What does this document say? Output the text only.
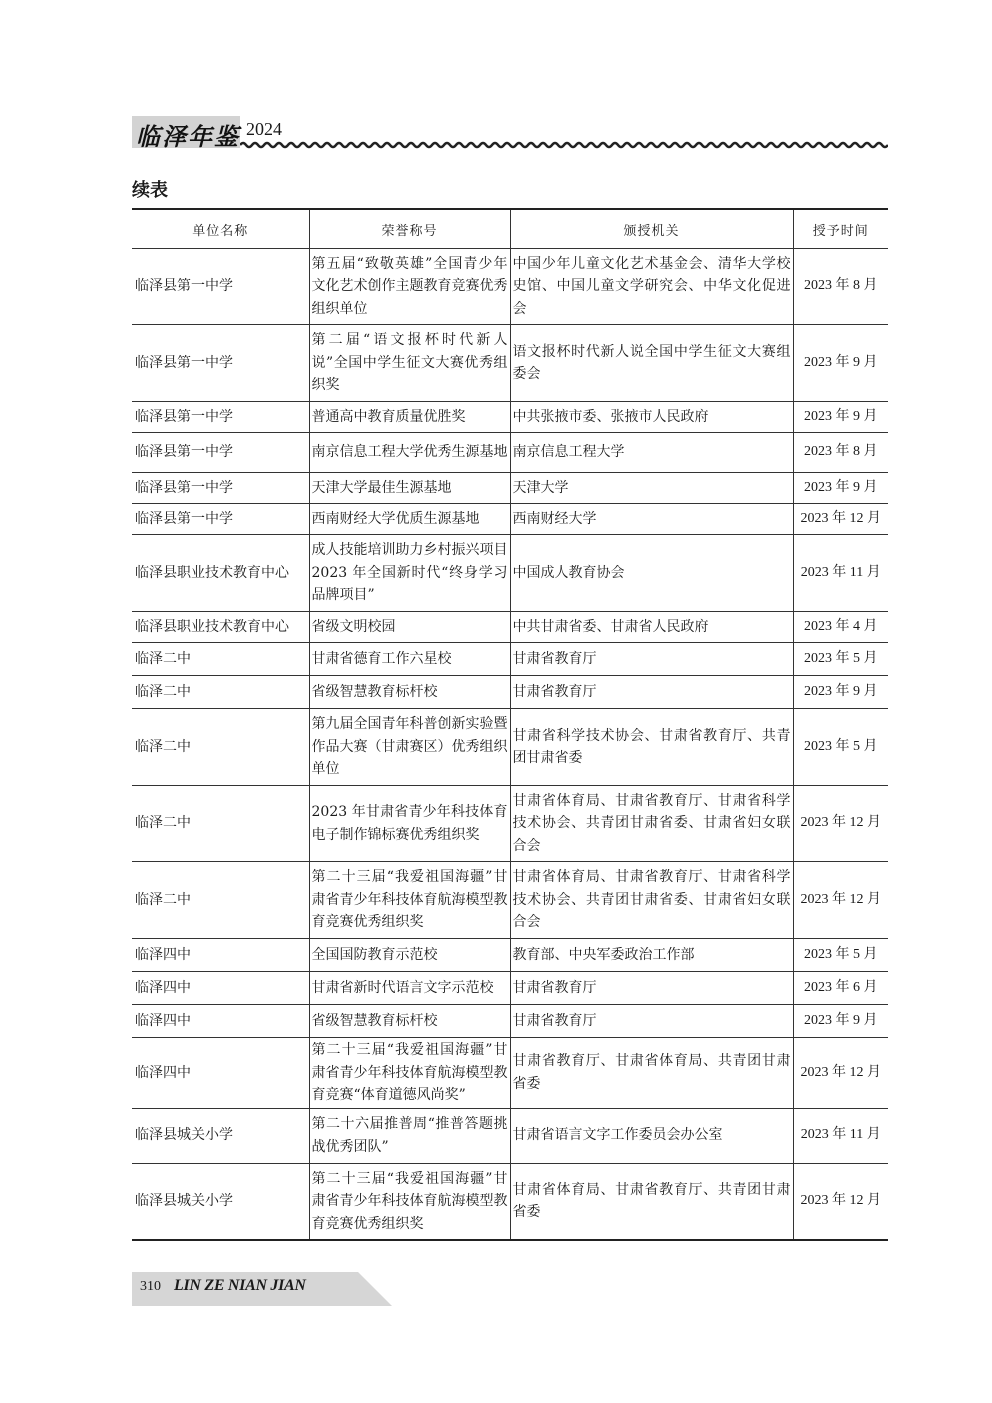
临泽年鉴 2024
续表
单位名称	荣誉称号	颁授机关	授予时间
临泽县第一中学	第五届“致敬英雄”全国青少年文化艺术创作主题教育竞赛优秀组织单位	中国少年儿童文化艺术基金会、清华大学校史馆、中国儿童文学研究会、中华文化促进会	2023 年 8 月
临泽县第一中学	第二届“语文报杯时代新人说”全国中学生征文大赛优秀组织奖	语文报杯时代新人说全国中学生征文大赛组委会	2023 年 9 月
临泽县第一中学	普通高中教育质量优胜奖	中共张掖市委、张掖市人民政府	2023 年 9 月
临泽县第一中学	南京信息工程大学优秀生源基地	南京信息工程大学	2023 年 8 月
临泽县第一中学	天津大学最佳生源基地	天津大学	2023 年 9 月
临泽县第一中学	西南财经大学优质生源基地	西南财经大学	2023 年 12 月
临泽县职业技术教育中心	成人技能培训助力乡村振兴项目 2023 年全国新时代“终身学习品牌项目”	中国成人教育协会	2023 年 11 月
临泽县职业技术教育中心	省级文明校园	中共甘肃省委、甘肃省人民政府	2023 年 4 月
临泽二中	甘肃省德育工作六星校	甘肃省教育厅	2023 年 5 月
临泽二中	省级智慧教育标杆校	甘肃省教育厅	2023 年 9 月
临泽二中	第九届全国青年科普创新实验暨作品大赛（甘肃赛区）优秀组织单位	甘肃省科学技术协会、甘肃省教育厅、共青团甘肃省委	2023 年 5 月
临泽二中	2023 年甘肃省青少年科技体育电子制作锦标赛优秀组织奖	甘肃省体育局、甘肃省教育厅、甘肃省科学技术协会、共青团甘肃省委、甘肃省妇女联合会	2023 年 12 月
临泽二中	第二十三届“我爱祖国海疆”甘肃省青少年科技体育航海模型教育竞赛优秀组织奖	甘肃省体育局、甘肃省教育厅、甘肃省科学技术协会、共青团甘肃省委、甘肃省妇女联合会	2023 年 12 月
临泽四中	全国国防教育示范校	教育部、中央军委政治工作部	2023 年 5 月
临泽四中	甘肃省新时代语言文字示范校	甘肃省教育厅	2023 年 6 月
临泽四中	省级智慧教育标杆校	甘肃省教育厅	2023 年 9 月
临泽四中	第二十三届“我爱祖国海疆”甘肃省青少年科技体育航海模型教育竞赛“体育道德风尚奖”	甘肃省教育厅、甘肃省体育局、共青团甘肃省委	2023 年 12 月
临泽县城关小学	第二十六届推普周“推普答题挑战优秀团队”	甘肃省语言文字工作委员会办公室	2023 年 11 月
临泽县城关小学	第二十三届“我爱祖国海疆”甘肃省青少年科技体育航海模型教育竞赛优秀组织奖	甘肃省体育局、甘肃省教育厅、共青团甘肃省委	2023 年 12 月
310 LIN ZE NIAN JIAN
